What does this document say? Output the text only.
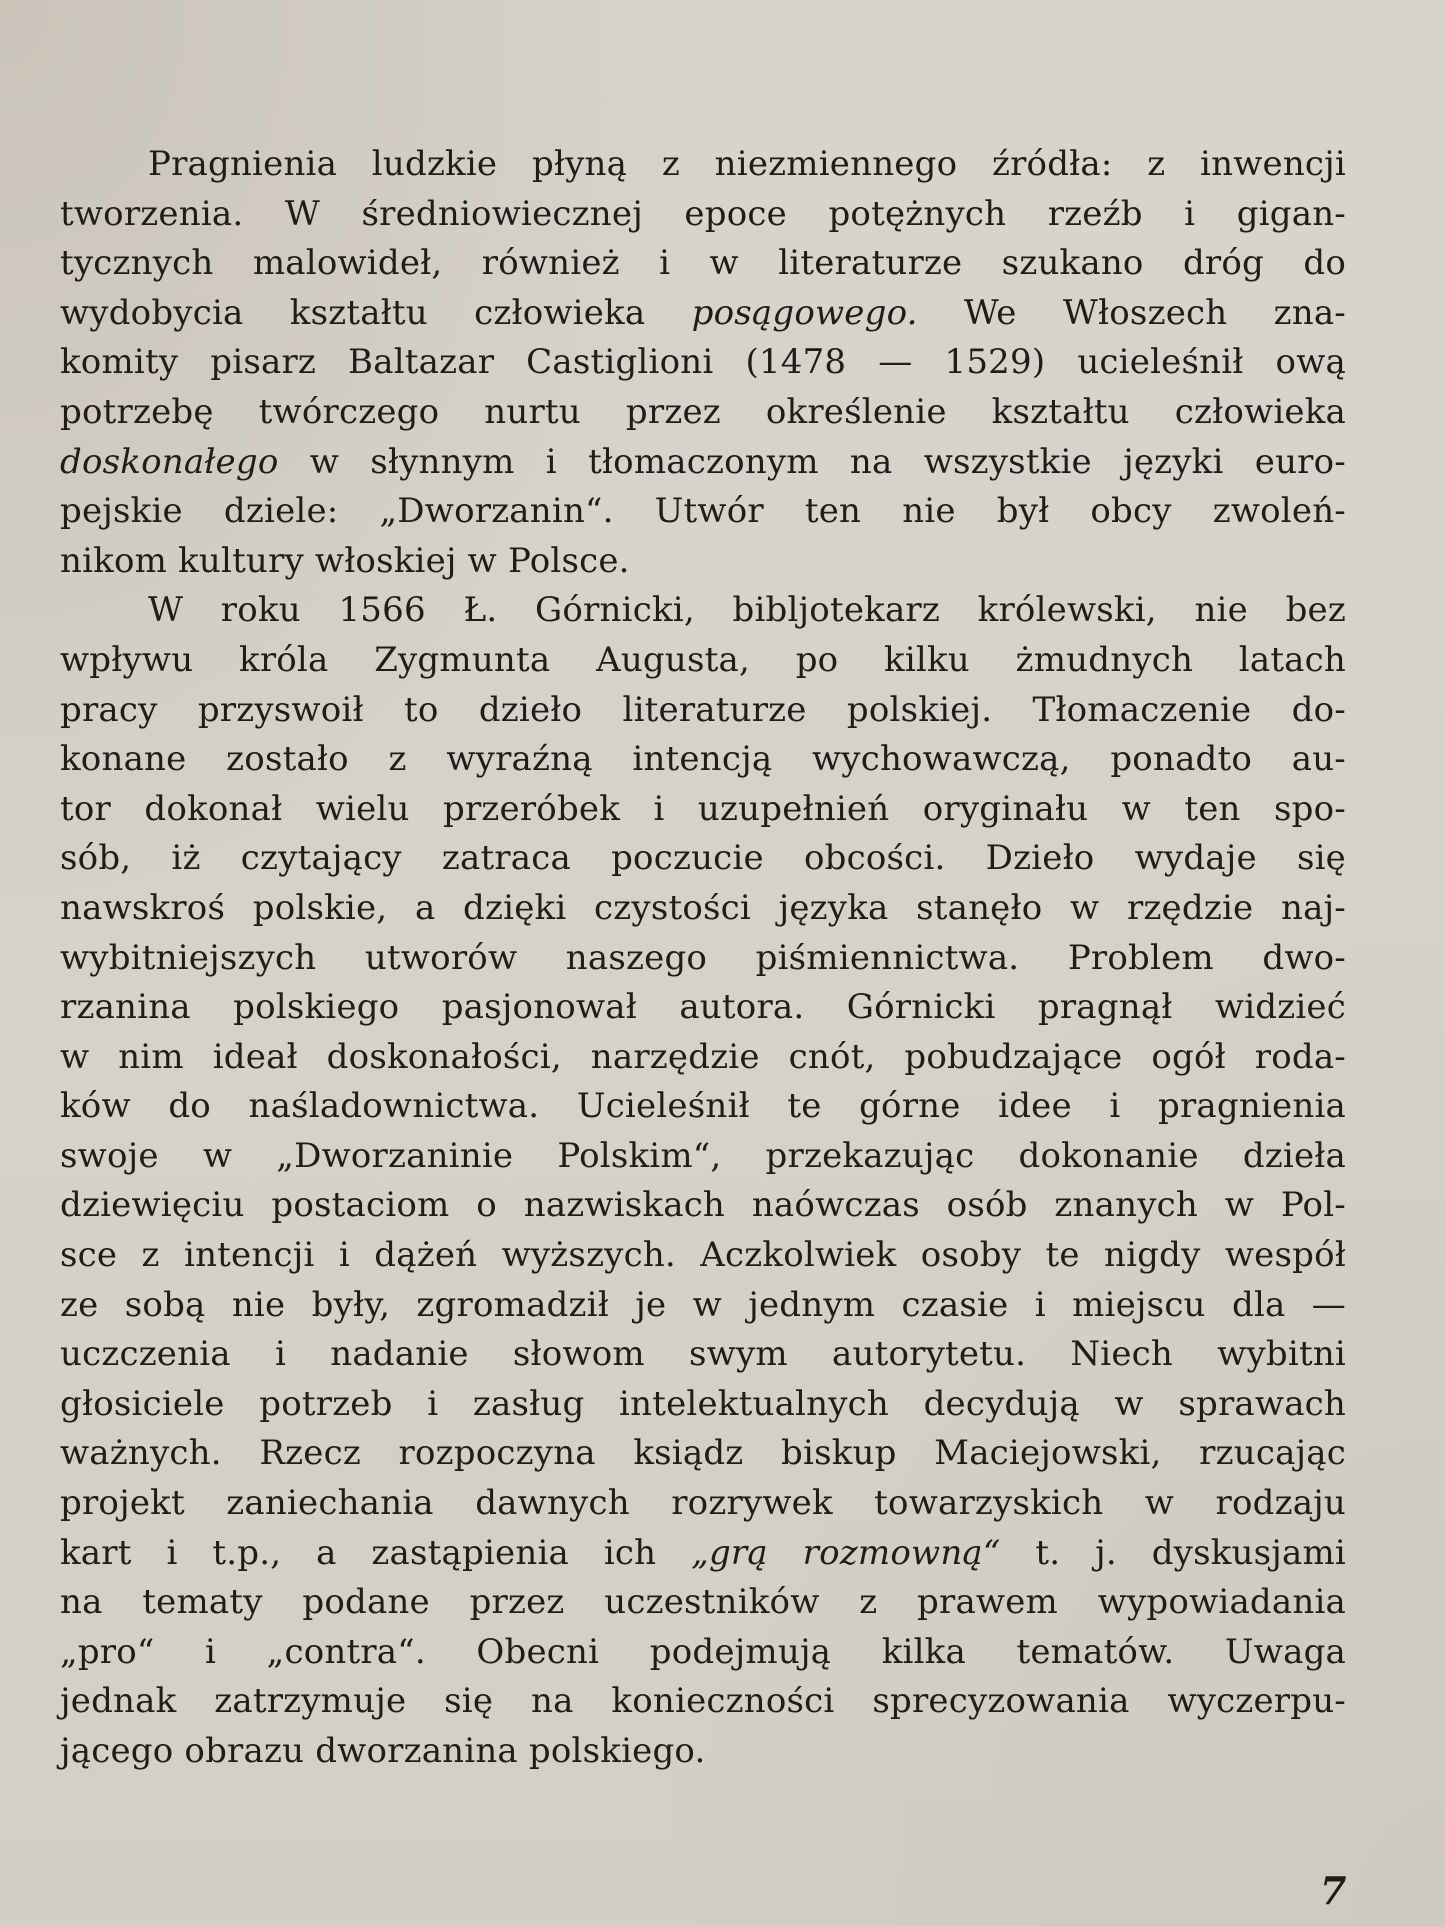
Pragnienia ludzkie płyną z niezmiennego źródła: z inwencji
tworzenia. W średniowiecznej epoce potężnych rzeźb i gigan-
tycznych malowideł, również i w literaturze szukano dróg do
wydobycia kształtu człowieka posągowego. We Włoszech zna-
komity pisarz Baltazar Castiglioni (1478 — 1529) ucieleśnił ową
potrzebę twórczego nurtu przez określenie kształtu człowieka
doskonałego w słynnym i tłomaczonym na wszystkie języki euro-
pejskie dziele: „Dworzanin“. Utwór ten nie był obcy zwoleń-
nikom kultury włoskiej w Polsce.
W roku 1566 Ł. Górnicki, bibljotekarz królewski, nie bez
wpływu króla Zygmunta Augusta, po kilku żmudnych latach
pracy przyswoił to dzieło literaturze polskiej. Tłomaczenie do-
konane zostało z wyraźną intencją wychowawczą, ponadto au-
tor dokonał wielu przeróbek i uzupełnień oryginału w ten spo-
sób, iż czytający zatraca poczucie obcości. Dzieło wydaje się
nawskroś polskie, a dzięki czystości języka stanęło w rzędzie naj-
wybitniejszych utworów naszego piśmiennictwa. Problem dwo-
rzanina polskiego pasjonował autora. Górnicki pragnął widzieć
w nim ideał doskonałości, narzędzie cnót, pobudzające ogół roda-
ków do naśladownictwa. Ucieleśnił te górne idee i pragnienia
swoje w „Dworzaninie Polskim“, przekazując dokonanie dzieła
dziewięciu postaciom o nazwiskach naówczas osób znanych w Pol-
sce z intencji i dążeń wyższych. Aczkolwiek osoby te nigdy wespół
ze sobą nie były, zgromadził je w jednym czasie i miejscu dla —
uczczenia i nadanie słowom swym autorytetu. Niech wybitni
głosiciele potrzeb i zasług intelektualnych decydują w sprawach
ważnych. Rzecz rozpoczyna ksiądz biskup Maciejowski, rzucając
projekt zaniechania dawnych rozrywek towarzyskich w rodzaju
kart i t.p., a zastąpienia ich „grą rozmowną“ t. j. dyskusjami
na tematy podane przez uczestników z prawem wypowiadania
„pro“ i „contra“. Obecni podejmują kilka tematów. Uwaga
jednak zatrzymuje się na konieczności sprecyzowania wyczerpu-
jącego obrazu dworzanina polskiego.
7
